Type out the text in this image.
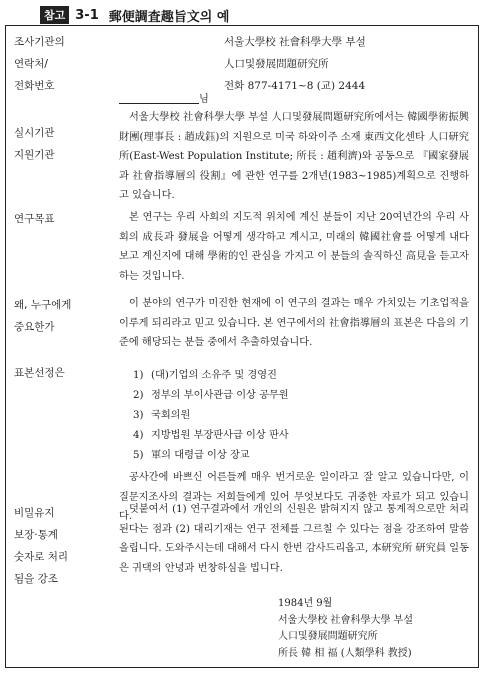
참고 3-1 郵便調査趣旨文의 예
조사기관의
연락처/
전화번호
실시기관
지원기관
연구목표
왜, 누구에게
중요한가
표본선정은
비밀유지
보장·통계
숫자로 처리
됨을 강조
서울大學校 社會科學大學 부설
人口및發展問題研究所
전화 877-4171~8 (교) 2444
님

서울大學校 社會科學大學 부설 人口및發展問題研究所에서는 韓國學術振興財團(理事長 : 趙成鈺)의 지원으로 미국 하와이주 소재 東西文化센타 人口研究所(East-West Population Institute; 所長 : 趙利濟)와 공동으로 『國家發展과 社會指導層의 役割』에 관한 연구를 2개년(1983~1985)계획으로 진행하고 있습니다.

본 연구는 우리 사회의 지도적 위치에 계신 분들이 지난 20여년간의 우리 사회의 成長과 發展을 어떻게 생각하고 계시고, 미래의 韓國社會를 어떻게 내다보고 계신지에 대해 學術的인 관심을 가지고 이 분들의 솔직하신 高見을 듣고자 하는 것입니다.

이 분야의 연구가 미진한 현재에 이 연구의 결과는 매우 가치있는 기초업적을 이루게 되리라고 믿고 있습니다. 본 연구에서의 社會指導層의 표본은 다음의 기준에 해당되는 분들 중에서 추출하였습니다.

1) (대)기업의 소유주 및 경영진
2) 정부의 부이사관급 이상 공무원
3) 국회의원
4) 지방법원 부장판사급 이상 판사
5) 軍의 대령급 이상 장교

공사간에 바쁘신 어른들께 매우 번거로운 일이라고 잘 알고 있습니다만, 이 질문지조사의 결과는 저희들에게 있어 무엇보다도 귀중한 자료가 되고 있습니다.

덧붙여서 (1) 연구결과에서 개인의 신원은 밝혀지지 않고 통계적으로만 처리된다는 점과 (2) 대리기재는 연구 전체를 그르칠 수 있다는 점을 강조하여 말씀올립니다. 도와주시는데 대해서 다시 한번 감사드리옵고, 本研究所 研究員 일동은 귀댁의 안녕과 번창하심을 빕니다.

1984년 9월
서울大學校 社會科學大學 부설
人口및發展問題研究所
所長 韓 相 福 (人類學科 教授)
